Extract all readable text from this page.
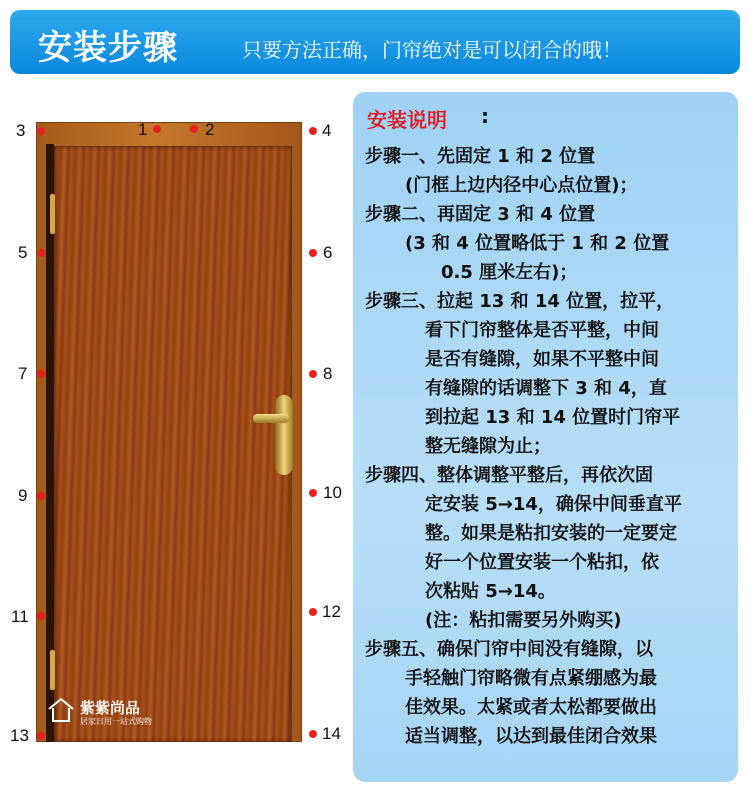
安装步骤	只要方法正确，门帘绝对是可以闭合的哦！
3	1	2	4
5	6
7	8
9	10
11	12
13	14
紫紫尚品
居家日用一站式购物
安装说明 :
步骤一、先固定 1 和 2 位置
(门框上边内径中心点位置)；
步骤二、再固定 3 和 4 位置
(3 和 4 位置略低于 1 和 2 位置
0.5 厘米左右)；
步骤三、拉起 13 和 14 位置，拉平，
看下门帘整体是否平整，中间
是否有缝隙，如果不平整中间
有缝隙的话调整下 3 和 4，直
到拉起 13 和 14 位置时门帘平
整无缝隙为止；
步骤四、整体调整平整后，再依次固
定安装 5→14，确保中间垂直平
整。如果是粘扣安装的一定要定
好一个位置安装一个粘扣，依
次粘贴 5→14。
(注：粘扣需要另外购买)
步骤五、确保门帘中间没有缝隙，以
手轻触门帘略微有点紧绷感为最
佳效果。太紧或者太松都要做出
适当调整，以达到最佳闭合效果
